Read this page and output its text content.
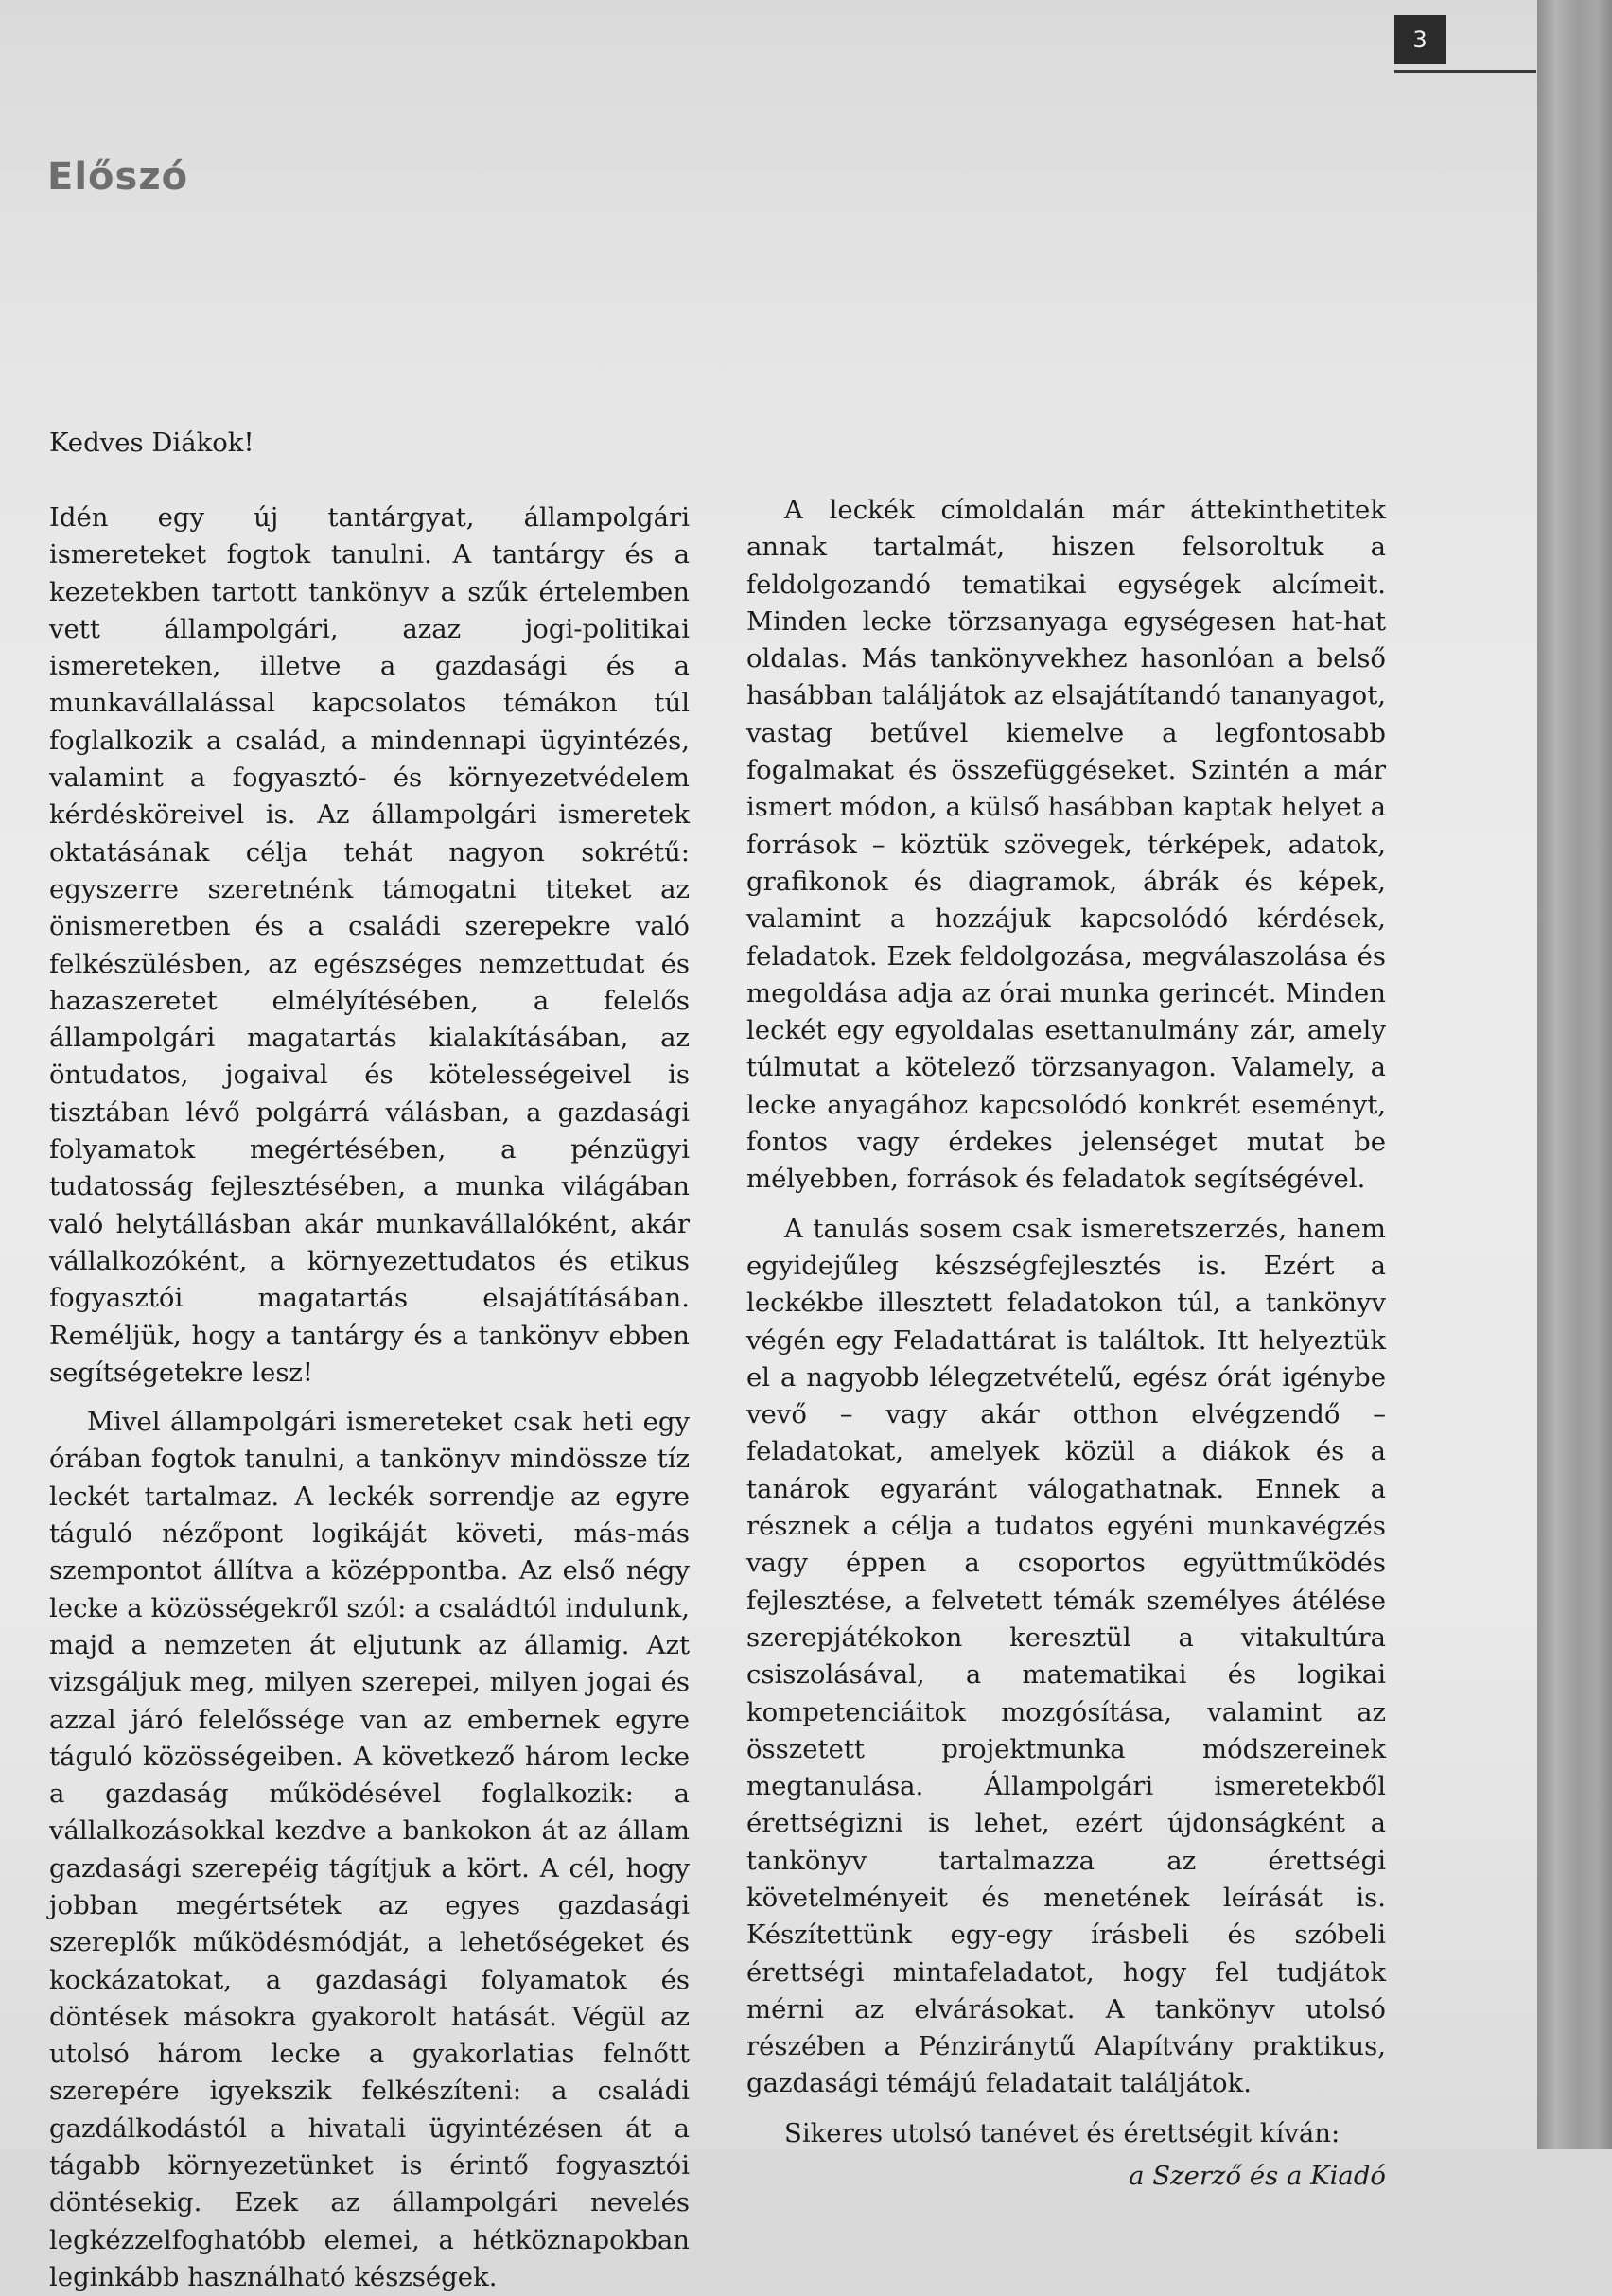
3
Előszó

Kedves Diákok!

Idén egy új tantárgyat, állampolgári ismereteket fogtok tanulni. A tantárgy és a kezetekben tartott tankönyv a szűk értelemben vett állampolgári, azaz jogi-politikai ismereteken, illetve a gazdasági és a munkavállalással kapcsolatos témákon túl foglalkozik a család, a mindennapi ügyintézés, valamint a fogyasztó- és környezetvédelem kérdésköreivel is. Az állampolgári ismeretek oktatásának célja tehát nagyon sokrétű: egyszerre szeretnénk támogatni titeket az önismeretben és a családi szerepekre való felkészülésben, az egészséges nemzettudat és hazaszeretet elmélyítésében, a felelős állampolgári magatartás kialakításában, az öntudatos, jogaival és kötelességeivel is tisztában lévő polgárrá válásban, a gazdasági folyamatok megértésében, a pénzügyi tudatosság fejlesztésében, a munka világában való helytállásban akár munkavállalóként, akár vállalkozóként, a környezettudatos és etikus fogyasztói magatartás elsajátításában. Reméljük, hogy a tantárgy és a tankönyv ebben segítségetekre lesz!

Mivel állampolgári ismereteket csak heti egy órában fogtok tanulni, a tankönyv mindössze tíz leckét tartalmaz. A leckék sorrendje az egyre táguló nézőpont logikáját követi, más-más szempontot állítva a középpontba. Az első négy lecke a közösségekről szól: a családtól indulunk, majd a nemzeten át eljutunk az államig. Azt vizsgáljuk meg, milyen szerepei, milyen jogai és azzal járó felelőssége van az embernek egyre táguló közösségeiben. A következő három lecke a gazdaság működésével foglalkozik: a vállalkozásokkal kezdve a bankokon át az állam gazdasági szerepéig tágítjuk a kört. A cél, hogy jobban megértsétek az egyes gazdasági szereplők működésmódját, a lehetőségeket és kockázatokat, a gazdasági folyamatok és döntések másokra gyakorolt hatását. Végül az utolsó három lecke a gyakorlatias felnőtt szerepére igyekszik felkészíteni: a családi gazdálkodástól a hivatali ügyintézésen át a tágabb környezetünket is érintő fogyasztói döntésekig. Ezek az állampolgári nevelés legkézzelfoghatóbb elemei, a hétköznapokban leginkább használható készségek.

A leckék címoldalán már áttekinthetitek annak tartalmát, hiszen felsoroltuk a feldolgozandó tematikai egységek alcímeit. Minden lecke törzsanyaga egységesen hat-hat oldalas. Más tankönyvekhez hasonlóan a belső hasábban találjátok az elsajátítandó tananyagot, vastag betűvel kiemelve a legfontosabb fogalmakat és összefüggéseket. Szintén a már ismert módon, a külső hasábban kaptak helyet a források – köztük szövegek, térképek, adatok, grafikonok és diagramok, ábrák és képek, valamint a hozzájuk kapcsolódó kérdések, feladatok. Ezek feldolgozása, megválaszolása és megoldása adja az órai munka gerincét. Minden leckét egy egyoldalas esettanulmány zár, amely túlmutat a kötelező törzsanyagon. Valamely, a lecke anyagához kapcsolódó konkrét eseményt, fontos vagy érdekes jelenséget mutat be mélyebben, források és feladatok segítségével.

A tanulás sosem csak ismeretszerzés, hanem egyidejűleg készségfejlesztés is. Ezért a leckékbe illesztett feladatokon túl, a tankönyv végén egy Feladattárat is találtok. Itt helyeztük el a nagyobb lélegzetvételű, egész órát igénybe vevő – vagy akár otthon elvégzendő – feladatokat, amelyek közül a diákok és a tanárok egyaránt válogathatnak. Ennek a résznek a célja a tudatos egyéni munkavégzés vagy éppen a csoportos együttműködés fejlesztése, a felvetett témák személyes átélése szerepjátékokon keresztül a vitakultúra csiszolásával, a matematikai és logikai kompetenciáitok mozgósítása, valamint az összetett projektmunka módszereinek megtanulása. Állampolgári ismeretekből érettségizni is lehet, ezért újdonságként a tankönyv tartalmazza az érettségi követelményeit és menetének leírását is. Készítettünk egy-egy írásbeli és szóbeli érettségi mintafeladatot, hogy fel tudjátok mérni az elvárásokat. A tankönyv utolsó részében a Pénziránytű Alapítvány praktikus, gazdasági témájú feladatait találjátok.

Sikeres utolsó tanévet és érettségit kíván:

a Szerző és a Kiadó
